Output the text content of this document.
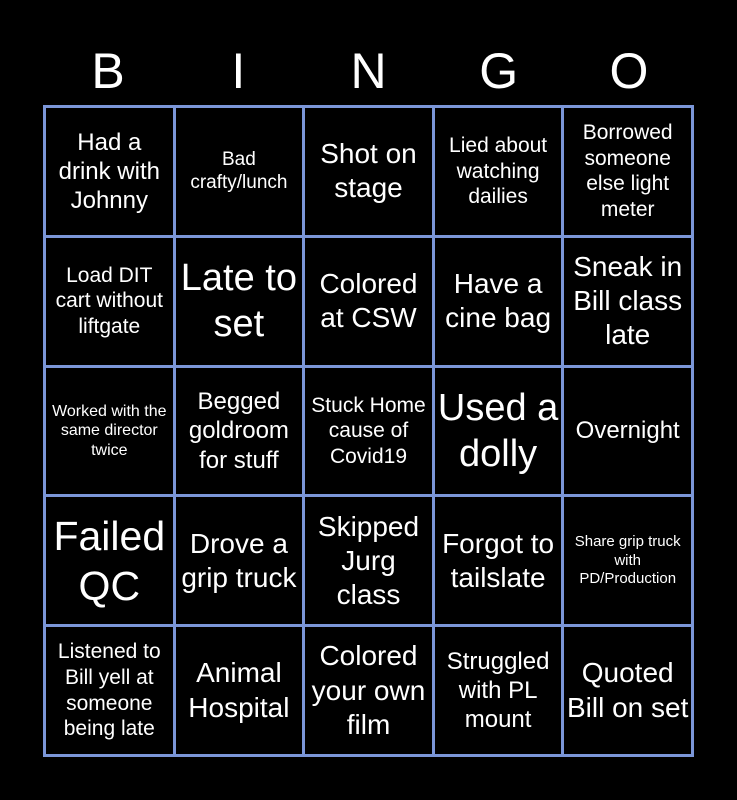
B	I	N	G	O
Had a drink with Johnny
Bad crafty/lunch
Shot on stage
Lied about watching dailies
Borrowed someone else light meter
Load DIT cart without liftgate
Late to set
Colored at CSW
Have a cine bag
Sneak in Bill class late
Worked with the same director twice
Begged goldroom for stuff
Stuck Home cause of Covid19
Used a dolly
Overnight
Failed QC
Drove a grip truck
Skipped Jurg class
Forgot to tailslate
Share grip truck with PD/Production
Listened to Bill yell at someone being late
Animal Hospital
Colored your own film
Struggled with PL mount
Quoted Bill on set
